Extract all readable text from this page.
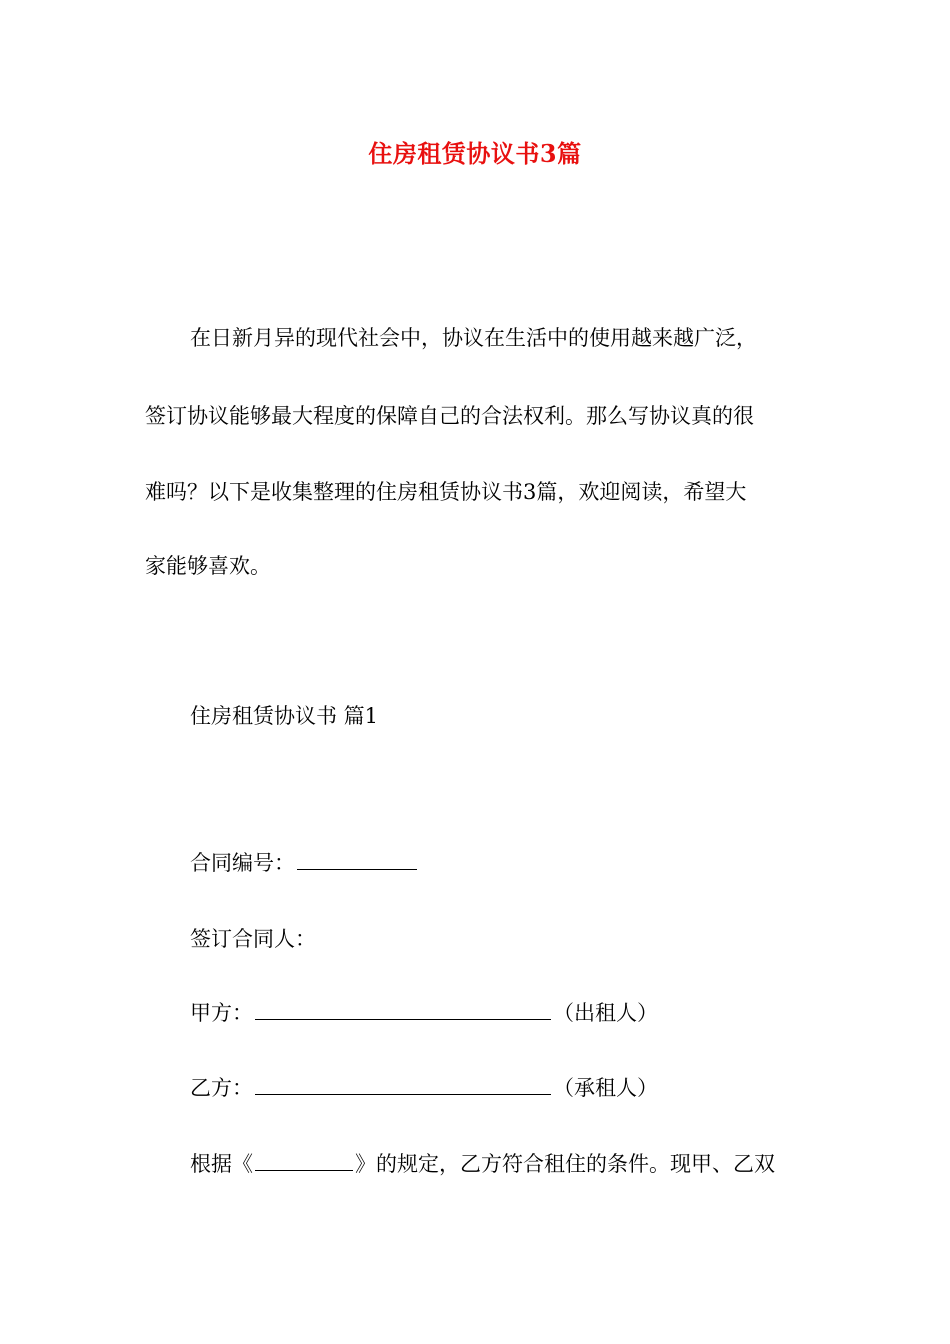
住房租赁协议书3篇
在日新月异的现代社会中，协议在生活中的使用越来越广泛，
签订协议能够最大程度的保障自己的合法权利。那么写协议真的很
难吗？以下是收集整理的住房租赁协议书3篇，欢迎阅读，希望大
家能够喜欢。
住房租赁协议书 篇1
合同编号：
签订合同人：
甲方：	（出租人）
乙方：	（承租人）
根据《	》的规定，乙方符合租住的条件。现甲、乙双
